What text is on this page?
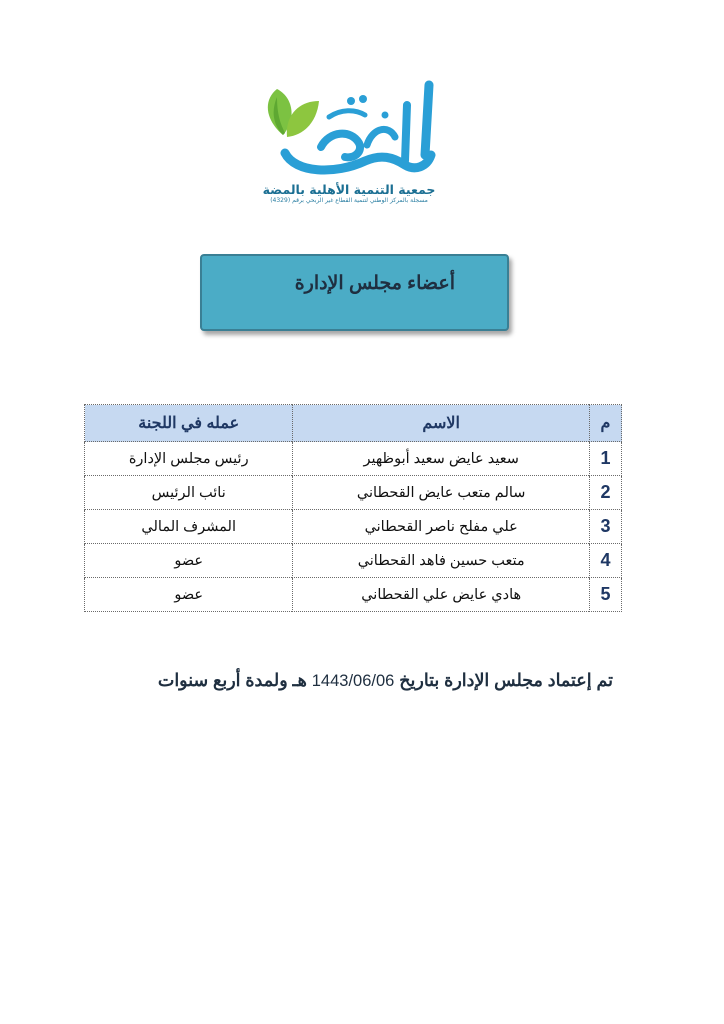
جمعية التنمية الأهلية بالمضة
مسجلة بالمركز الوطني لتنمية القطاع غير الربحي برقم (4329)
أعضاء مجلس الإدارة
م	الاسم	عمله في اللجنة
1	سعيد عايض سعيد أبوظهير	رئيس مجلس الإدارة
2	سالم متعب عايض القحطاني	نائب الرئيس
3	علي مفلح ناصر القحطاني	المشرف المالي
4	متعب حسين فاهد القحطاني	عضو
5	هادي عايض علي القحطاني	عضو
تم إعتماد مجلس الإدارة بتاريخ 1443/06/06 هـ ولمدة أربع سنوات
